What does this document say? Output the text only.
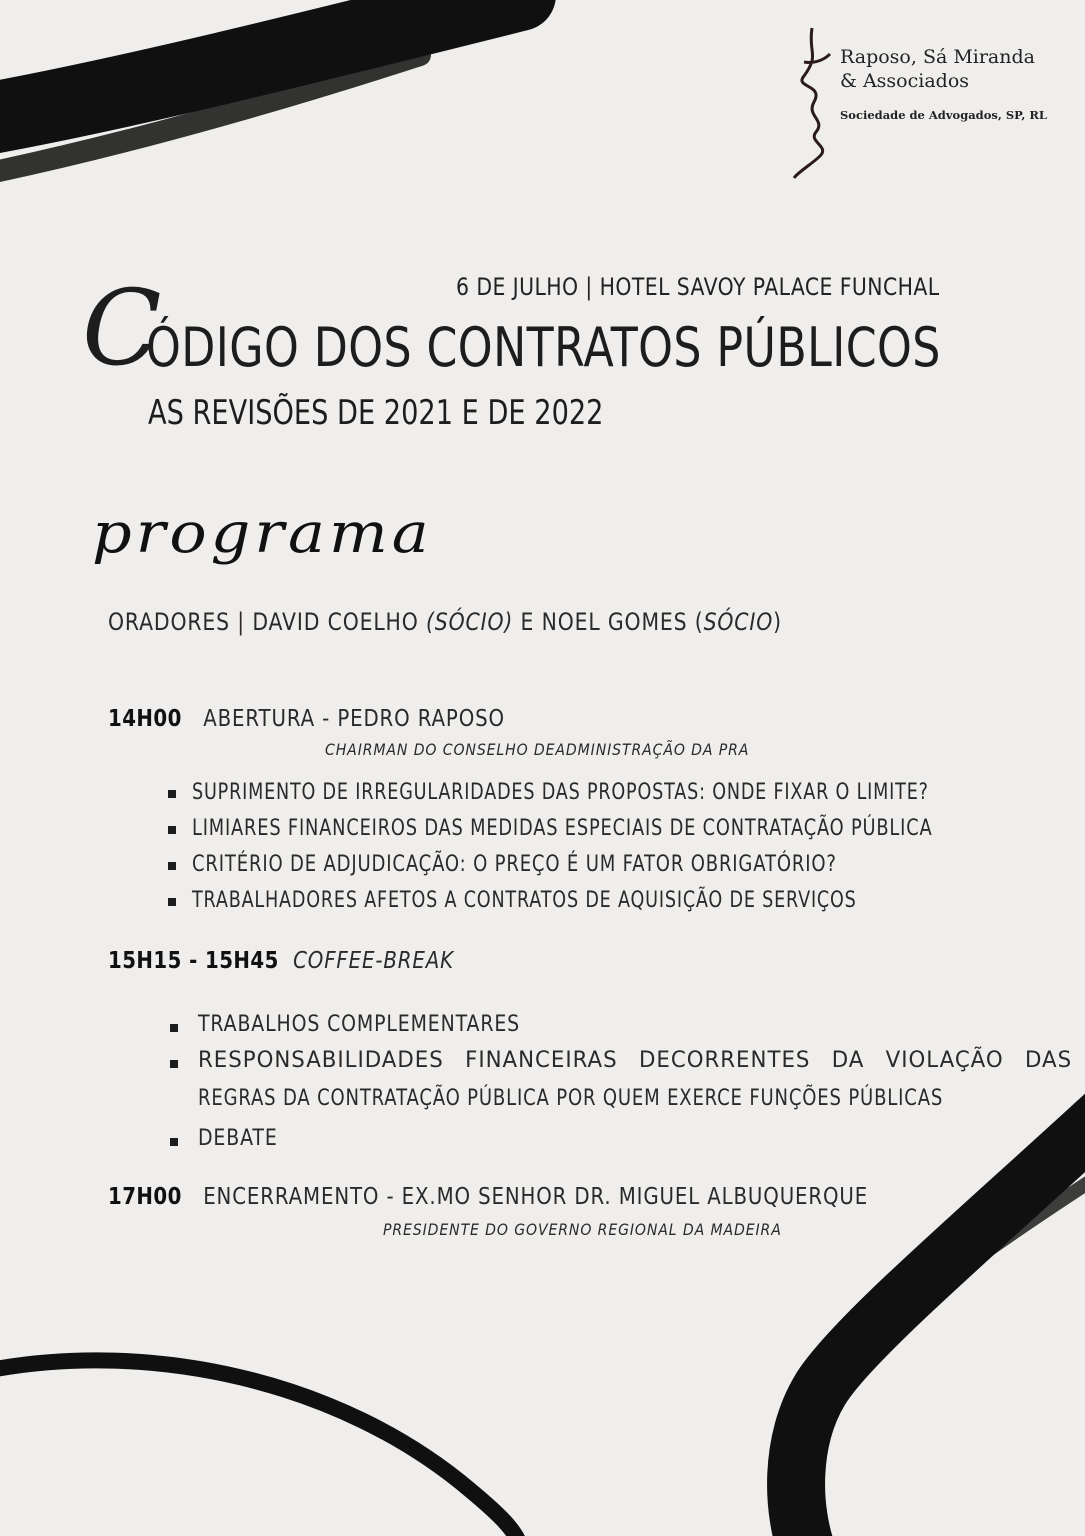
Raposo, Sá Miranda
& Associados
Sociedade de Advogados, SP, RL
6 DE JULHO | HOTEL SAVOY PALACE FUNCHAL
C
ÓDIGO DOS CONTRATOS PÚBLICOS
AS REVISÕES DE 2021 E DE 2022
programa
ORADORES | DAVID COELHO (SÓCIO) E NOEL GOMES (SÓCIO)
14H00 ABERTURA - PEDRO RAPOSO
CHAIRMAN DO CONSELHO DEADMINISTRAÇÃO DA PRA
SUPRIMENTO DE IRREGULARIDADES DAS PROPOSTAS: ONDE FIXAR O LIMITE?
LIMIARES FINANCEIROS DAS MEDIDAS ESPECIAIS DE CONTRATAÇÃO PÚBLICA
CRITÉRIO DE ADJUDICAÇÃO: O PREÇO É UM FATOR OBRIGATÓRIO?
TRABALHADORES AFETOS A CONTRATOS DE AQUISIÇÃO DE SERVIÇOS
15H15 - 15H45 COFFEE-BREAK
TRABALHOS COMPLEMENTARES
RESPONSABILIDADES FINANCEIRAS DECORRENTES DA VIOLAÇÃO DAS
REGRAS DA CONTRATAÇÃO PÚBLICA POR QUEM EXERCE FUNÇÕES PÚBLICAS
DEBATE
17H00 ENCERRAMENTO - EX.MO SENHOR DR. MIGUEL ALBUQUERQUE
PRESIDENTE DO GOVERNO REGIONAL DA MADEIRA
